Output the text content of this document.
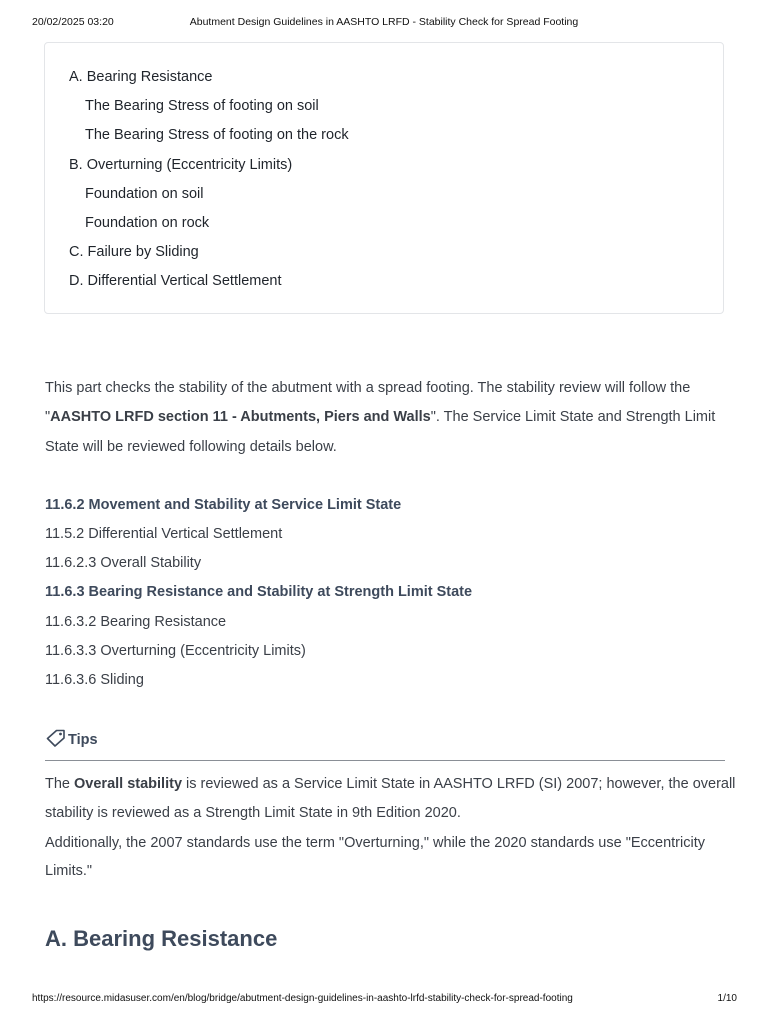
20/02/2025 03:20	Abutment Design Guidelines in AASHTO LRFD - Stability Check for Spread Footing
A. Bearing Resistance
The Bearing Stress of footing on soil
The Bearing Stress of footing on the rock
B. Overturning (Eccentricity Limits)
Foundation on soil
Foundation on rock
C. Failure by Sliding
D. Differential Vertical Settlement
This part checks the stability of the abutment with a spread footing. The stability review will follow the
"AASHTO LRFD section 11 - Abutments, Piers and Walls". The Service Limit State and Strength Limit
State will be reviewed following details below.
11.6.2 Movement and Stability at Service Limit State
11.5.2 Differential Vertical Settlement
11.6.2.3 Overall Stability
11.6.3 Bearing Resistance and Stability at Strength Limit State
11.6.3.2 Bearing Resistance
11.6.3.3 Overturning (Eccentricity Limits)
11.6.3.6 Sliding
Tips
The Overall stability is reviewed as a Service Limit State in AASHTO LRFD (SI) 2007; however, the overall
stability is reviewed as a Strength Limit State in 9th Edition 2020.
Additionally, the 2007 standards use the term "Overturning," while the 2020 standards use "Eccentricity
Limits."
A. Bearing Resistance
https://resource.midasuser.com/en/blog/bridge/abutment-design-guidelines-in-aashto-lrfd-stability-check-for-spread-footing	1/10
